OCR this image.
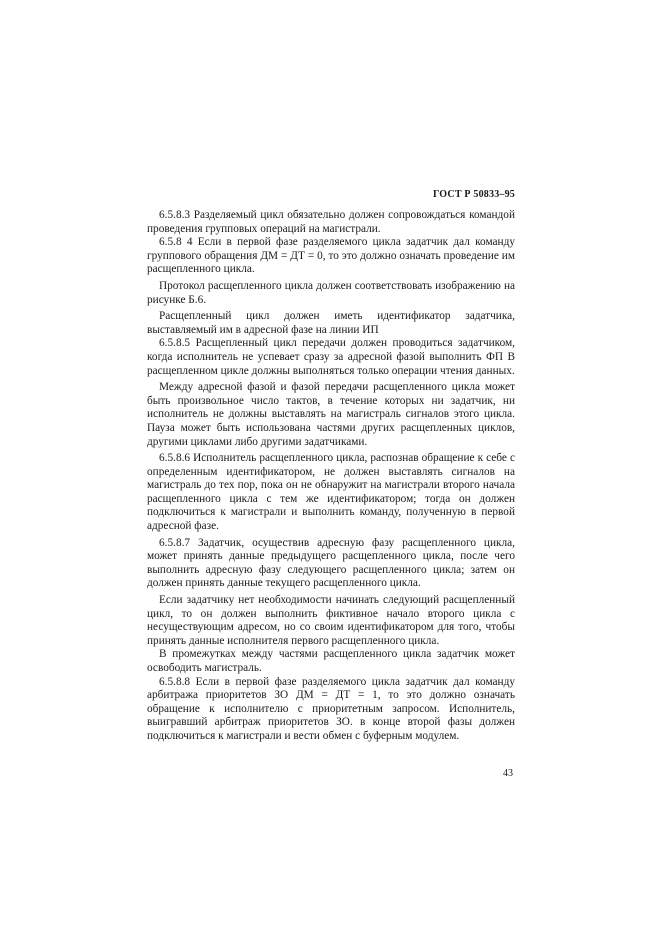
ГОСТ Р 50833–95

6.5.8.3 Разделяемый цикл обязательно должен сопровождаться командой проведения групповых операций на магистрали.

6.5.8 4 Если в первой фазе разделяемого цикла задатчик дал команду группового обращения ДМ = ДТ = 0, то это должно означать проведение им расщепленного цикла.

Протокол расщепленного цикла должен соответствовать изображению на рисунке Б.6.

Расщепленный цикл должен иметь идентификатор задатчика, выставляемый им в адресной фазе на линии ИП

6.5.8.5 Расщепленный цикл передачи должен проводиться задатчиком, когда исполнитель не успевает сразу за адресной фазой выполнить ФП В расщепленном цикле должны выполняться только операции чтения данных.

Между адресной фазой и фазой передачи расщепленного цикла может быть произвольное число тактов, в течение которых ни задатчик, ни исполнитель не должны выставлять на магистраль сигналов этого цикла. Пауза может быть использована частями других расщепленных циклов, другими циклами либо другими задатчиками.

6.5.8.6 Исполнитель расщепленного цикла, распознав обращение к себе с определенным идентификатором, не должен выставлять сигналов на магистраль до тех пор, пока он не обнаружит на магистрали второго начала расщепленного цикла с тем же идентификатором; тогда он должен подключиться к магистрали и выполнить команду, полученную в первой адресной фазе.

6.5.8.7 Задатчик, осуществив адресную фазу расщепленного цикла, может принять данные предыдущего расщепленного цикла, после чего выполнить адресную фазу следующего расщепленного цикла; затем он должен принять данные текущего расщепленного цикла.

Если задатчику нет необходимости начинать следующий расщепленный цикл, то он должен выполнить фиктивное начало второго цикла с несуществующим адресом, но со своим идентификатором для того, чтобы принять данные исполнителя первого расщепленного цикла.

В промежутках между частями расщепленного цикла задатчик может освободить магистраль.

6.5.8.8 Если в первой фазе разделяемого цикла задатчик дал команду арбитража приоритетов ЗО ДМ = ДТ = 1, то это должно означать обращение к исполнителю с приоритетным запросом. Исполнитель, выигравший арбитраж приоритетов ЗО. в конце второй фазы должен подключиться к магистрали и вести обмен с буферным модулем.

43
